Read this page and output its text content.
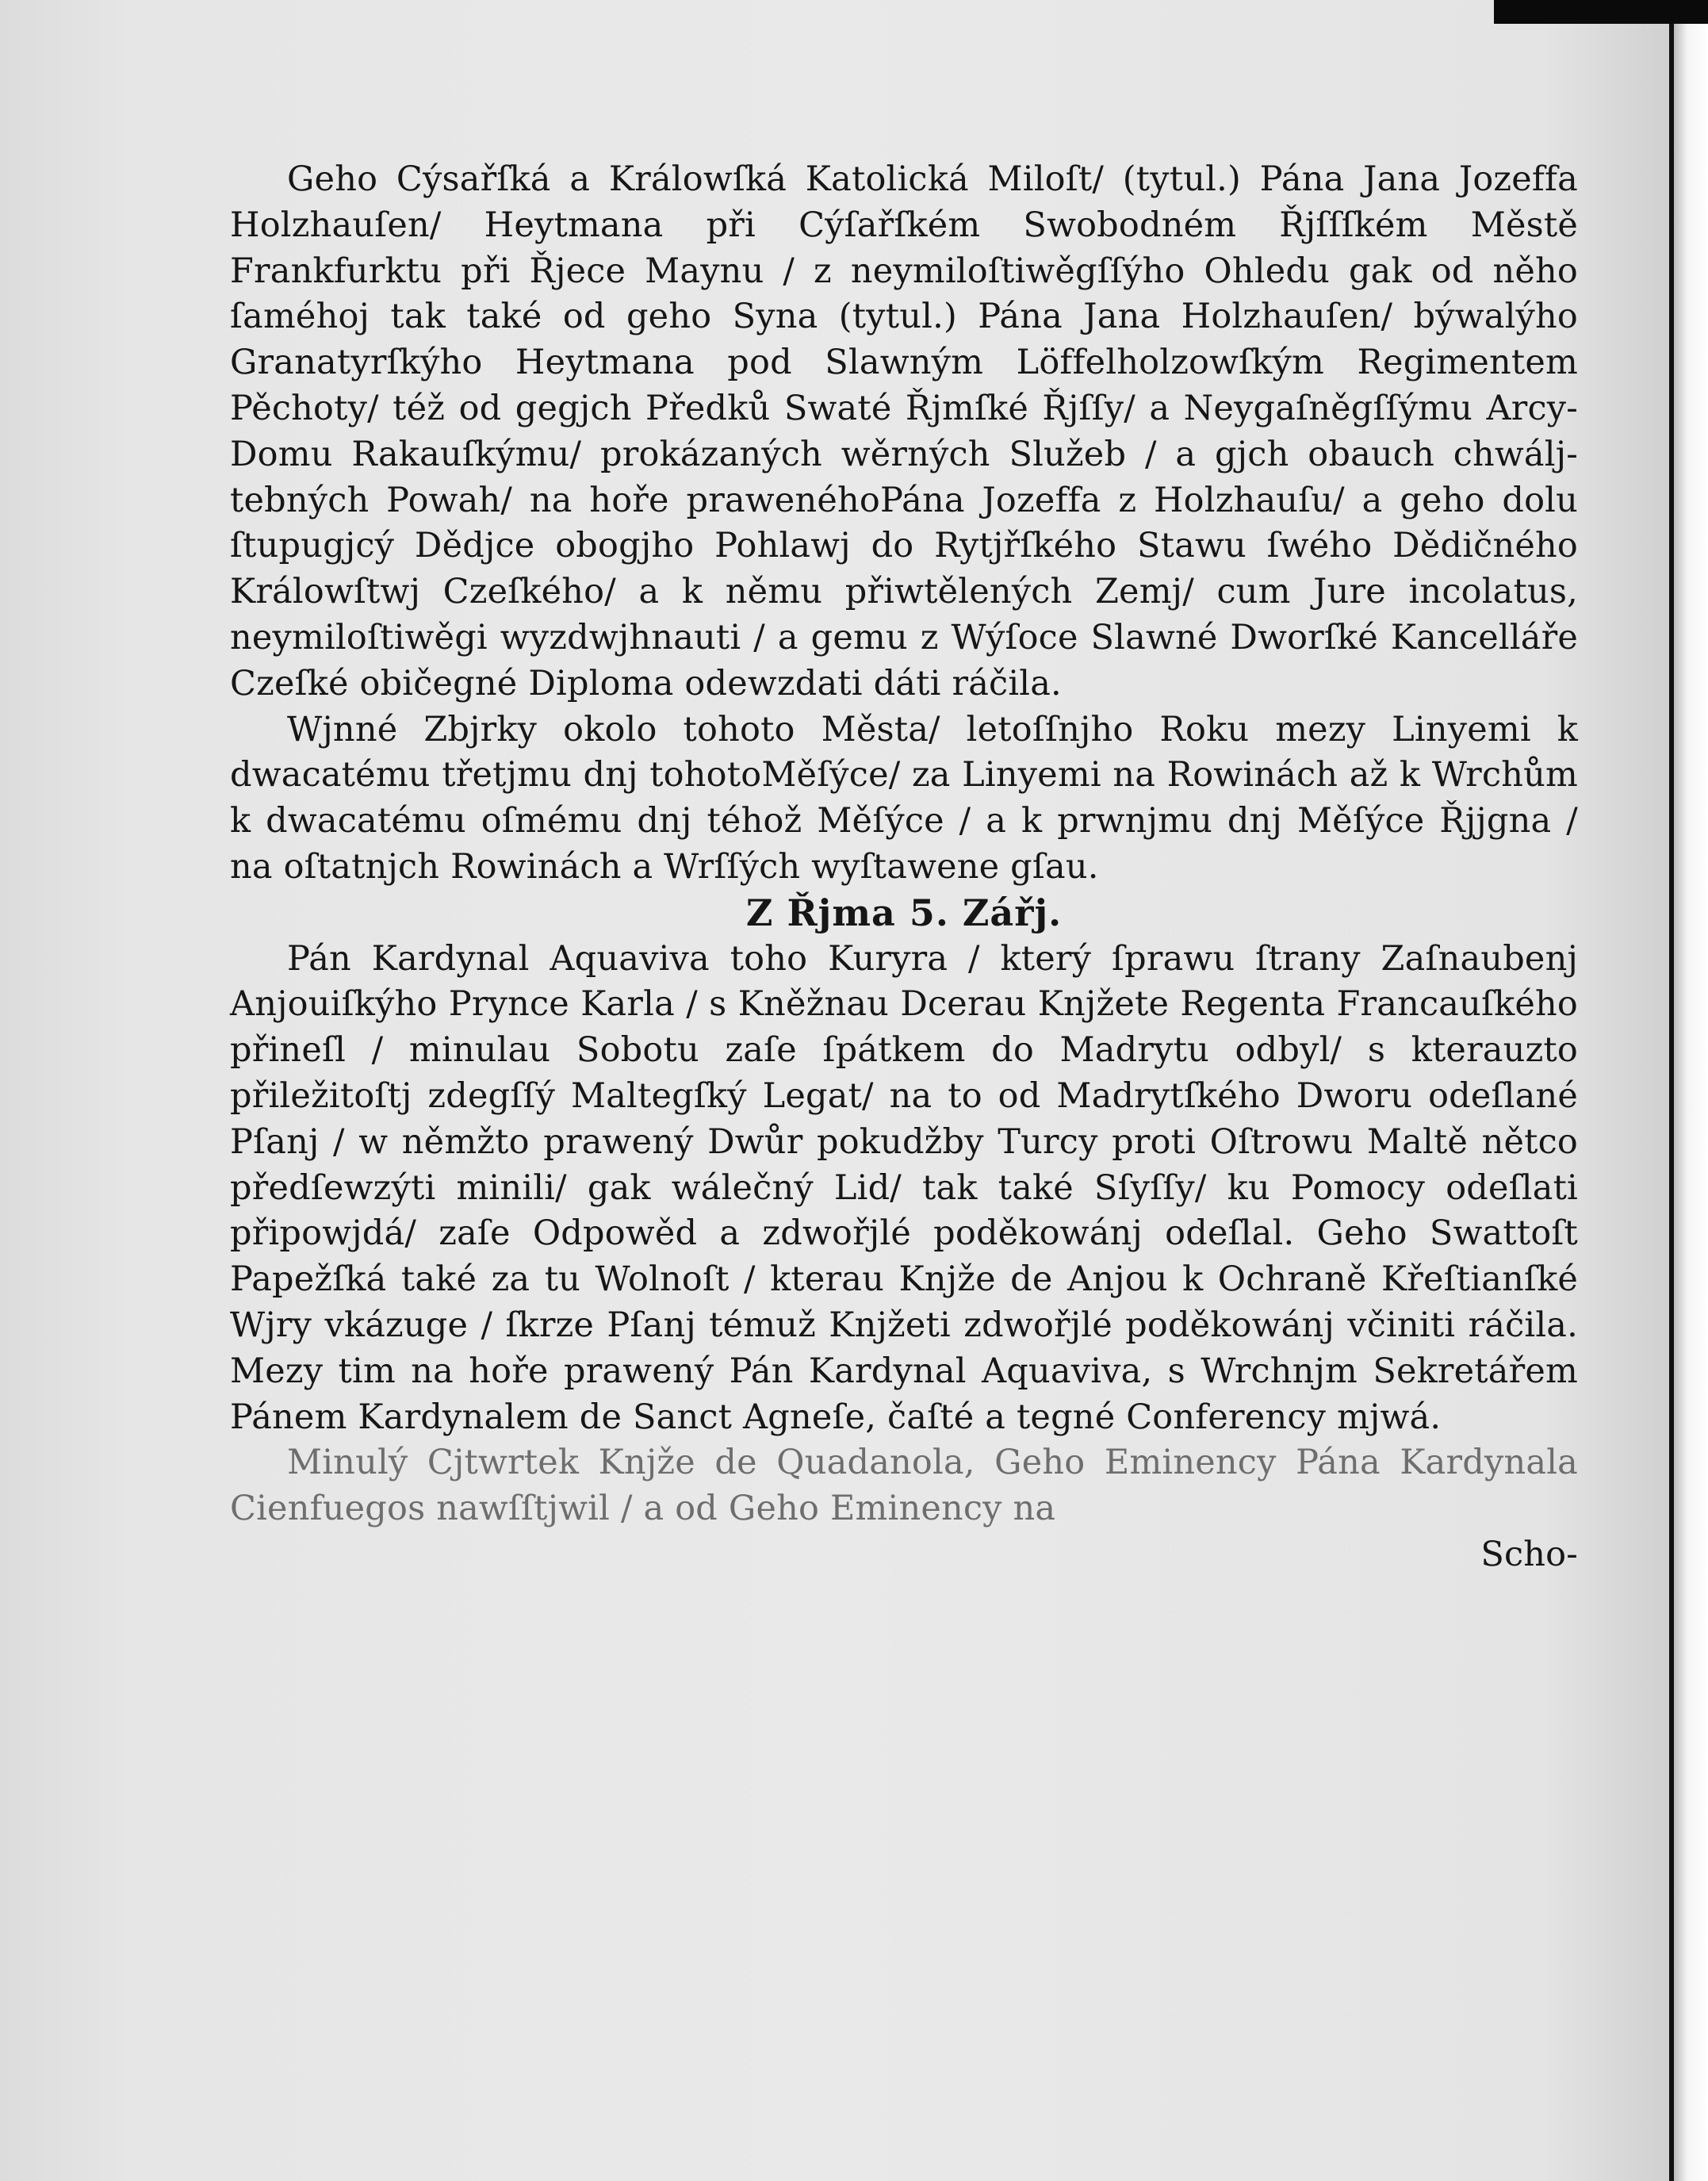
Geho Cýsařſká a Králowſká Katolická Miloſt/ (tytul.) Pána Jana Jozeffa Holzhauſen/ Heytmana při Cýſařſkém Swobodném Řjſſſkém Městě Frankfurktu při Řjece Maynu / z neymiloſtiwěgſſýho Ohledu gak od něho ſaméhoj tak také od geho Syna (tytul.) Pána Jana Holzhauſen/ býwalýho Granatyrſkýho Heytmana pod Slawným Löffelholzowſkým Regimentem Pěchoty/ též od gegjch Předků Swaté Řjmſké Řjſſy/ a Neygaſněgſſýmu Arcy-Domu Rakauſkýmu/ prokázaných wěrných Služeb / a gjch obauch chwálj-tebných Powah/ na hoře prawenéhoPána Jozeffa z Holzhauſu/ a geho dolu ſtupugjcý Dědjce obogjho Pohlawj do Rytjřſkého Stawu ſwého Dědičného Králowſtwj Czeſkého/ a k němu přiwtělených Zemj/ cum Jure incolatus, neymiloſtiwěgi wyzdwjhnauti / a gemu z Wýſoce Slawné Dworſké Kancelláře Czeſké običegné Diploma odewzdati dáti ráčila.

Wjnné Zbjrky okolo tohoto Města/ letoſſnjho Roku mezy Linyemi k dwacatému třetjmu dnj tohotoMěſýce/ za Linyemi na Rowinách až k Wrchům k dwacatému oſmému dnj téhož Měſýce / a k prwnjmu dnj Měſýce Řjjgna / na oſtatnjch Rowinách a Wrſſých wyſtawene gſau.

Z Řjma 5. Zářj.

Pán Kardynal Aquaviva toho Kuryra / který ſprawu ſtrany Zaſnaubenj Anjouiſkýho Prynce Karla / s Kněžnau Dcerau Knjžete Regenta Francauſkého přineſl / minulau Sobotu zaſe ſpátkem do Madrytu odbyl/ s kterauzto přiležitoſtj zdegſſý Maltegſký Legat/ na to od Madrytſkého Dworu odeſlané Pſanj / w němžto prawený Dwůr pokudžby Turcy proti Oſtrowu Maltě nětco předſewzýti minili/ gak wálečný Lid/ tak také Sſyſſy/ ku Pomocy odeſlati připowjdá/ zaſe Odpowěd a zdwořjlé poděkowánj odeſlal. Geho Swattoſt Papežſká také za tu Wolnoſt / kterau Knjže de Anjou k Ochraně Křeſtianſké Wjry vkázuge / ſkrze Pſanj témuž Knjžeti zdwořjlé poděkowánj včiniti ráčila. Mezy tim na hoře prawený Pán Kardynal Aquaviva, s Wrchnjm Sekretářem Pánem Kardynalem de Sanct Agneſe, čaſté a tegné Conferency mjwá.

Minulý Cjtwrtek Knjže de Quadanola, Geho Eminency Pána Kardynala Cienfuegos nawſſtjwil / a od Geho Eminency na

Scho-
